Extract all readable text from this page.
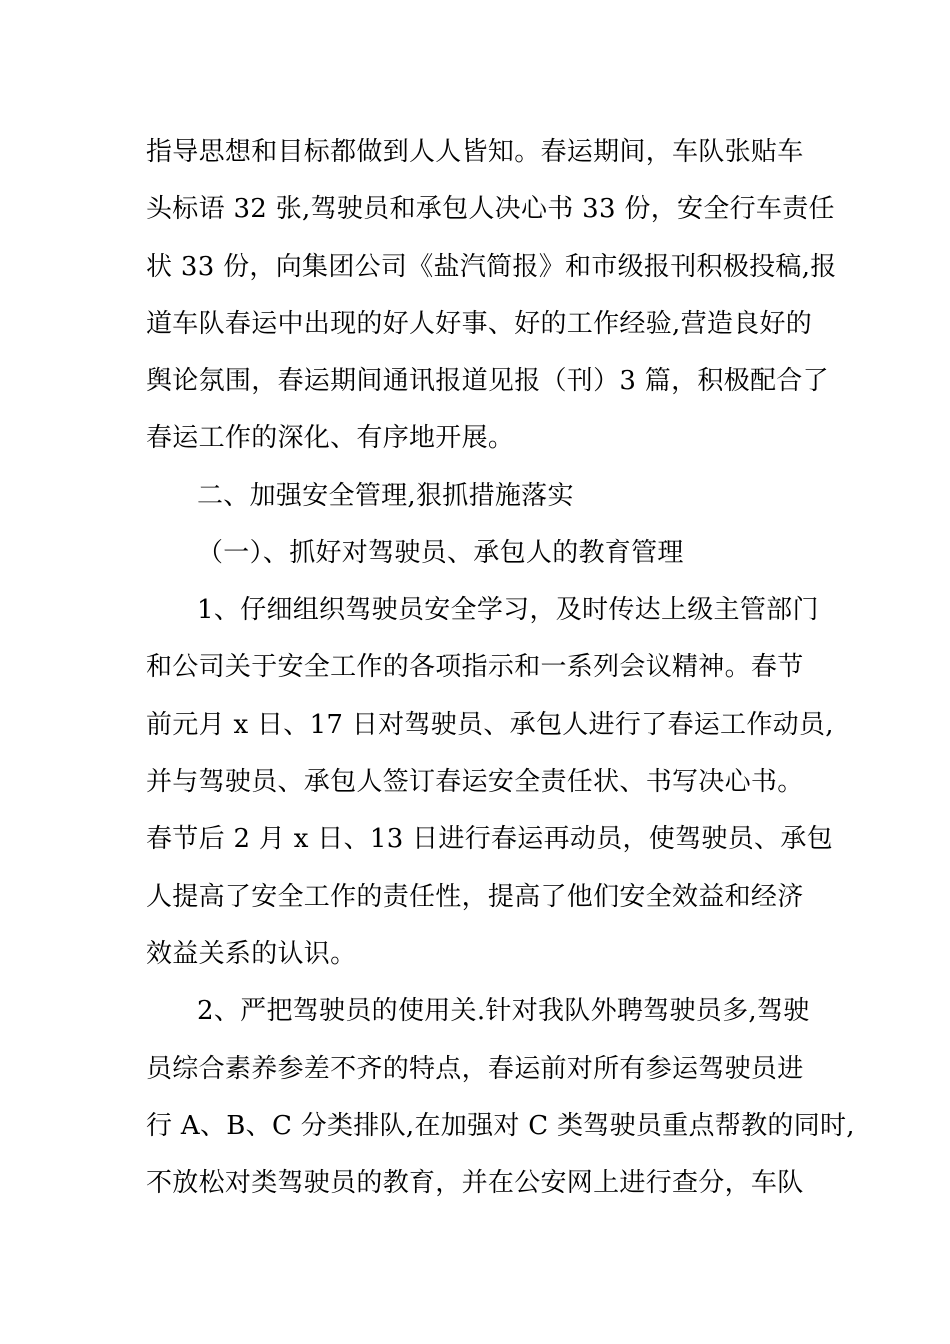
指导思想和目标都做到人人皆知。春运期间，车队张贴车
头标语 32 张,驾驶员和承包人决心书 33 份，安全行车责任
状 33 份，向集团公司《盐汽简报》和市级报刊积极投稿,报
道车队春运中出现的好人好事、好的工作经验,营造良好的
舆论氛围，春运期间通讯报道见报（刊）3 篇，积极配合了
春运工作的深化、有序地开展。
二、加强安全管理,狠抓措施落实
（一）、抓好对驾驶员、承包人的教育管理
1、仔细组织驾驶员安全学习，及时传达上级主管部门
和公司关于安全工作的各项指示和一系列会议精神。春节
前元月 x 日、17 日对驾驶员、承包人进行了春运工作动员,
并与驾驶员、承包人签订春运安全责任状、书写决心书。
春节后 2 月 x 日、13 日进行春运再动员，使驾驶员、承包
人提高了安全工作的责任性，提高了他们安全效益和经济
效益关系的认识。
2、严把驾驶员的使用关.针对我队外聘驾驶员多,驾驶
员综合素养参差不齐的特点，春运前对所有参运驾驶员进
行 A、B、C 分类排队,在加强对 C 类驾驶员重点帮教的同时,
不放松对类驾驶员的教育，并在公安网上进行查分，车队
